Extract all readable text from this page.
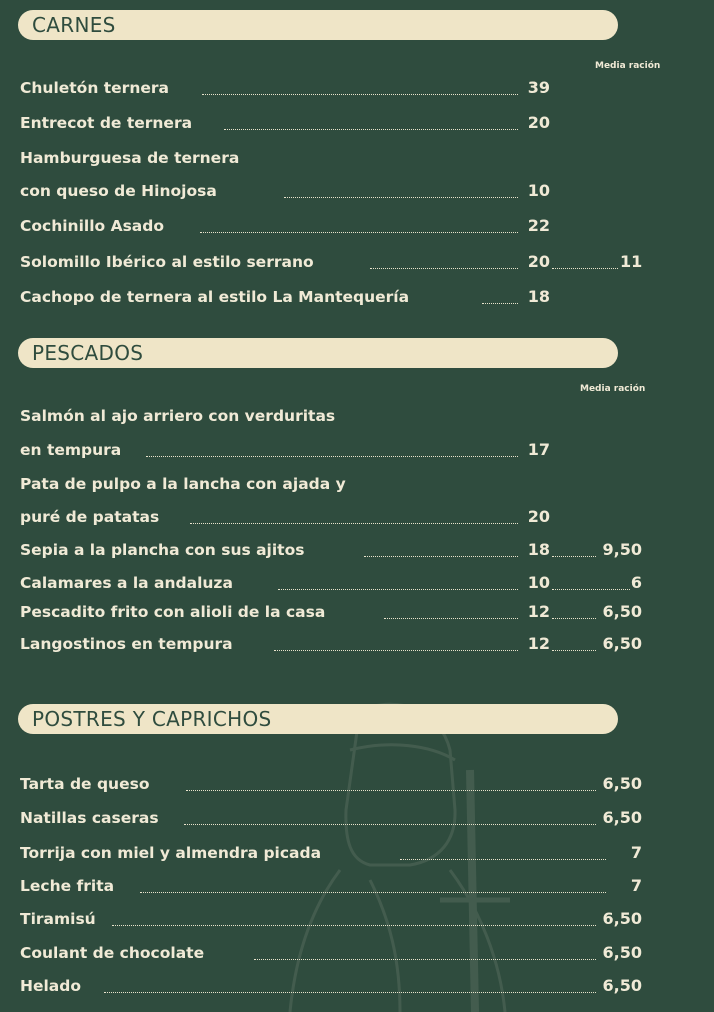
CARNES
Media ración
Chuletón ternera	39
Entrecot de ternera	20
Hamburguesa de ternera
con queso de Hinojosa	10
Cochinillo Asado	22
Solomillo Ibérico al estilo serrano	20	11
Cachopo de ternera al estilo La Mantequería	18
PESCADOS
Media ración
Salmón al ajo arriero con verduritas
en tempura	17
Pata de pulpo a la lancha con ajada y
puré de patatas	20
Sepia a la plancha con sus ajitos	18	9,50
Calamares a la andaluza	10	6
Pescadito frito con alioli de la casa	12	6,50
Langostinos en tempura	12	6,50
POSTRES Y CAPRICHOS
Tarta de queso	6,50
Natillas caseras	6,50
Torrija con miel y almendra picada	7
Leche frita	7
Tiramisú	6,50
Coulant de chocolate	6,50
Helado	6,50
